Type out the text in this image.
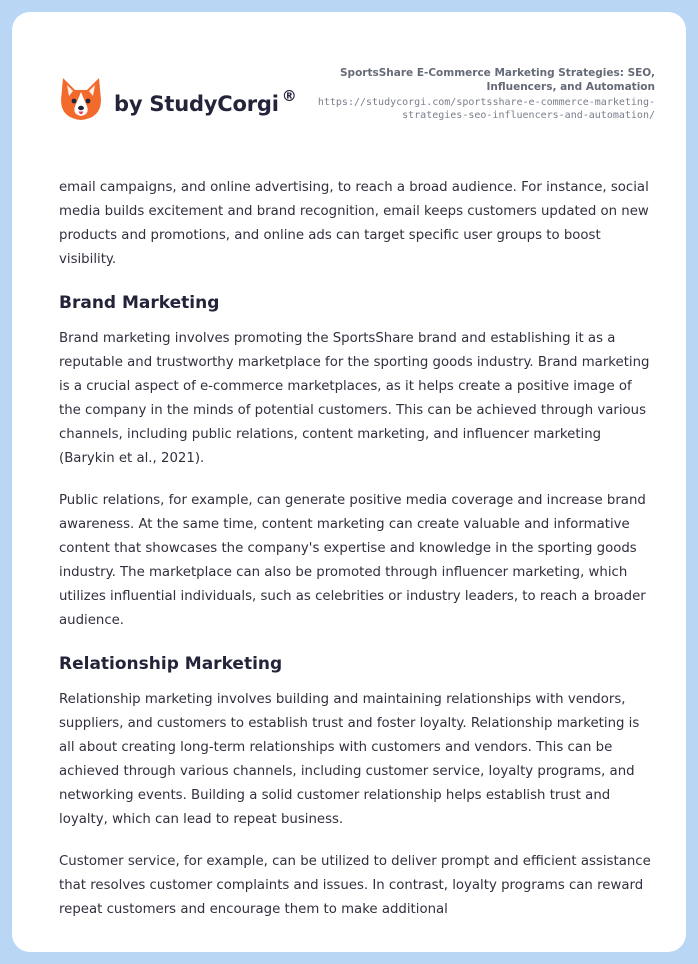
by StudyCorgi ®
SportsShare E-Commerce Marketing Strategies: SEO, Influencers, and Automation
https://studycorgi.com/sportsshare-e-commerce-marketing-strategies-seo-influencers-and-automation/

email campaigns, and online advertising, to reach a broad audience. For instance, social media builds excitement and brand recognition, email keeps customers updated on new products and promotions, and online ads can target specific user groups to boost visibility.

Brand Marketing

Brand marketing involves promoting the SportsShare brand and establishing it as a reputable and trustworthy marketplace for the sporting goods industry. Brand marketing is a crucial aspect of e-commerce marketplaces, as it helps create a positive image of the company in the minds of potential customers. This can be achieved through various channels, including public relations, content marketing, and influencer marketing (Barykin et al., 2021).

Public relations, for example, can generate positive media coverage and increase brand awareness. At the same time, content marketing can create valuable and informative content that showcases the company's expertise and knowledge in the sporting goods industry. The marketplace can also be promoted through influencer marketing, which utilizes influential individuals, such as celebrities or industry leaders, to reach a broader audience.

Relationship Marketing

Relationship marketing involves building and maintaining relationships with vendors, suppliers, and customers to establish trust and foster loyalty. Relationship marketing is all about creating long-term relationships with customers and vendors. This can be achieved through various channels, including customer service, loyalty programs, and networking events. Building a solid customer relationship helps establish trust and loyalty, which can lead to repeat business.

Customer service, for example, can be utilized to deliver prompt and efficient assistance that resolves customer complaints and issues. In contrast, loyalty programs can reward repeat customers and encourage them to make additional
